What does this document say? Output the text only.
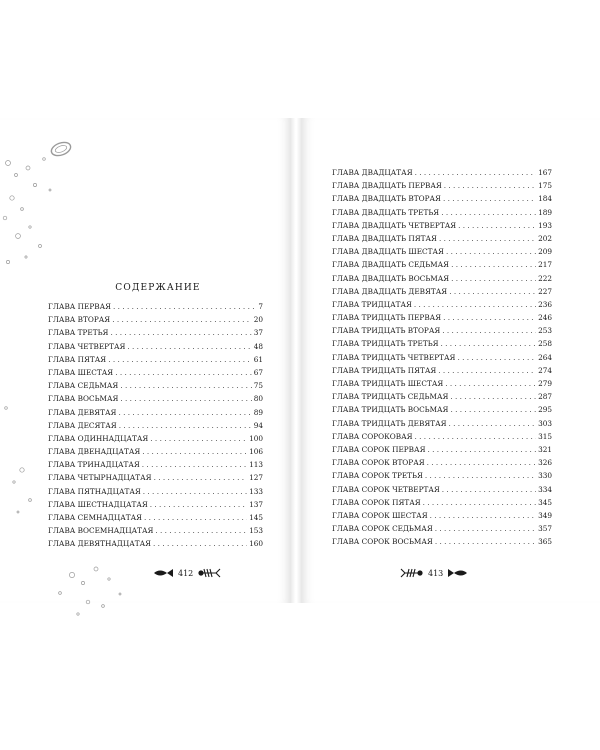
СОДЕРЖАНИЕ
ГЛАВА ПЕРВАЯ . . .	7
ГЛАВА ВТОРАЯ . . .	20
ГЛАВА ТРЕТЬЯ . . .	37
ГЛАВА ЧЕТВЕРТАЯ . . .	48
ГЛАВА ПЯТАЯ . . .	61
ГЛАВА ШЕСТАЯ . . .	67
ГЛАВА СЕДЬМАЯ . . .	75
ГЛАВА ВОСЬМАЯ . . .	80
ГЛАВА ДЕВЯТАЯ . . .	89
ГЛАВА ДЕСЯТАЯ . . .	94
ГЛАВА ОДИННАДЦАТАЯ . . .	100
ГЛАВА ДВЕНАДЦАТАЯ . . .	106
ГЛАВА ТРИНАДЦАТАЯ . . .	113
ГЛАВА ЧЕТЫРНАДЦАТАЯ . . .	127
ГЛАВА ПЯТНАДЦАТАЯ . . .	133
ГЛАВА ШЕСТНАДЦАТАЯ . . .	137
ГЛАВА СЕМНАДЦАТАЯ . . .	145
ГЛАВА ВОСЕМНАДЦАТАЯ . . .	153
ГЛАВА ДЕВЯТНАДЦАТАЯ . . .	160
412
ГЛАВА ДВАДЦАТАЯ . . .	167
ГЛАВА ДВАДЦАТЬ ПЕРВАЯ . . .	175
ГЛАВА ДВАДЦАТЬ ВТОРАЯ . . .	184
ГЛАВА ДВАДЦАТЬ ТРЕТЬЯ . . .	189
ГЛАВА ДВАДЦАТЬ ЧЕТВЕРТАЯ . . .	193
ГЛАВА ДВАДЦАТЬ ПЯТАЯ . . .	202
ГЛАВА ДВАДЦАТЬ ШЕСТАЯ . . .	209
ГЛАВА ДВАДЦАТЬ СЕДЬМАЯ . . .	217
ГЛАВА ДВАДЦАТЬ ВОСЬМАЯ . . .	222
ГЛАВА ДВАДЦАТЬ ДЕВЯТАЯ . . .	227
ГЛАВА ТРИДЦАТАЯ . . .	236
ГЛАВА ТРИДЦАТЬ ПЕРВАЯ . . .	246
ГЛАВА ТРИДЦАТЬ ВТОРАЯ . . .	253
ГЛАВА ТРИДЦАТЬ ТРЕТЬЯ . . .	258
ГЛАВА ТРИДЦАТЬ ЧЕТВЕРТАЯ . . .	264
ГЛАВА ТРИДЦАТЬ ПЯТАЯ . . .	274
ГЛАВА ТРИДЦАТЬ ШЕСТАЯ . . .	279
ГЛАВА ТРИДЦАТЬ СЕДЬМАЯ . . .	287
ГЛАВА ТРИДЦАТЬ ВОСЬМАЯ . . .	295
ГЛАВА ТРИДЦАТЬ ДЕВЯТАЯ . . .	303
ГЛАВА СОРОКОВАЯ . . .	315
ГЛАВА СОРОК ПЕРВАЯ . . .	321
ГЛАВА СОРОК ВТОРАЯ . . .	326
ГЛАВА СОРОК ТРЕТЬЯ . . .	330
ГЛАВА СОРОК ЧЕТВЕРТАЯ . . .	334
ГЛАВА СОРОК ПЯТАЯ . . .	345
ГЛАВА СОРОК ШЕСТАЯ . . .	349
ГЛАВА СОРОК СЕДЬМАЯ . . .	357
ГЛАВА СОРОК ВОСЬМАЯ . . .	365
413
